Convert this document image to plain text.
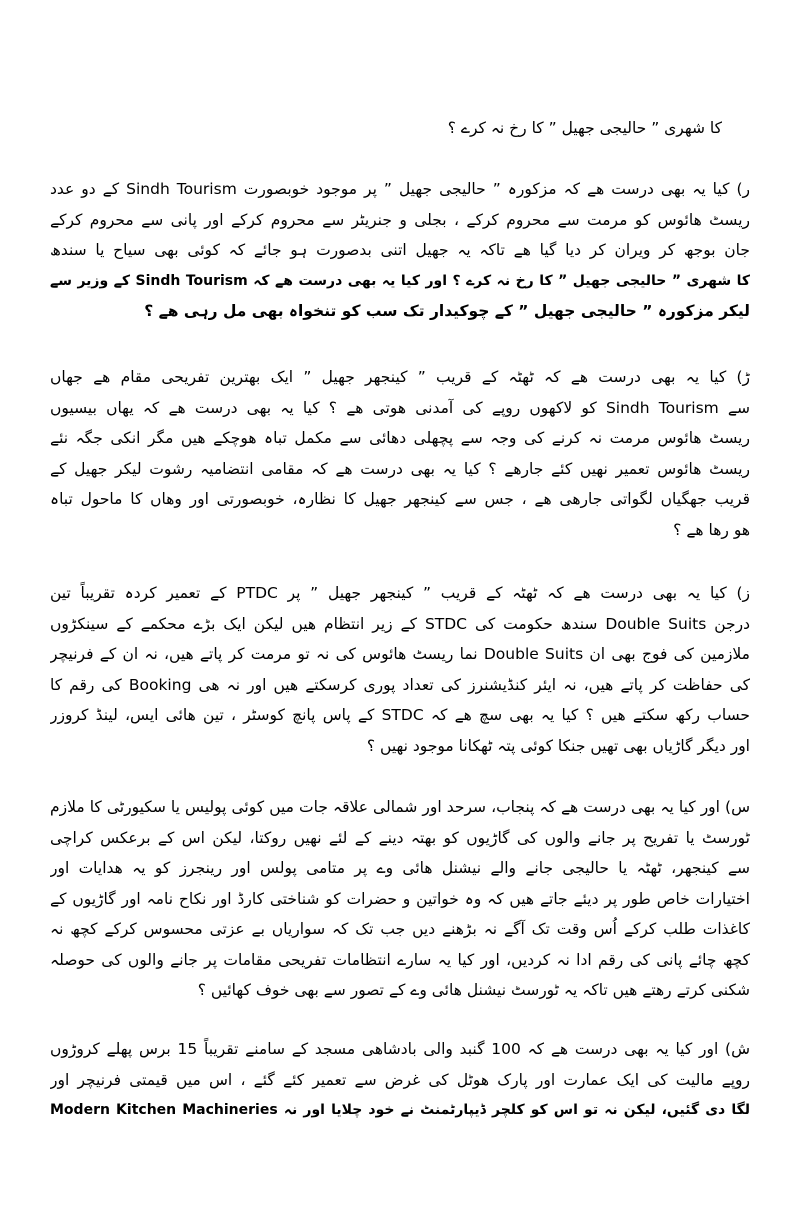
کا شھری ” حالیجی جھیل ” کا رخ نہ کرے ؟
ر) کیا یہ بھی درست ھے کہ مزکورہ ” حالیجی جھیل ” پر موجود خوبصورت Sindh Tourism کے دو عدد
ریسٹ ھائوس کو مرمت سے محروم کرکے ، بجلی و جنریٹر سے محروم کرکے اور پانی سے محروم کرکے
جان بوجھ کر ویران کر دیا گیا ھے تاکہ یہ جھیل اتنی بدصورت ہو جائے کہ کوئی بھی سیاح یا سندھ
کا شھری ” حالیجی جھیل ” کا رخ نہ کرے ؟ اور کیا یہ بھی درست ھے کہ Sindh Tourism کے وزیر سے
لیکر مزکورہ ” حالیجی جھیل ” کے چوکیدار تک سب کو تنخواہ بھی مل رہی ھے ؟
ڑ) کیا یہ بھی درست ھے کہ ٹھٹہ کے قریب ” کینجھر جھیل ” ایک بھترین تفریحی مقام ھے جھاں
سے Sindh Tourism کو لاکھوں روپے کی آمدنی ھوتی ھے ؟ کیا یہ بھی درست ھے کہ یھاں بیسیوں
ریسٹ ھائوس مرمت نہ کرنے کی وجہ سے پچھلی دھائی سے مکمل تباہ ھوچکے ھیں مگر انکی جگہ نئے
ریسٹ ھائوس تعمیر نھیں کئے جارھے ؟ کیا یہ بھی درست ھے کہ مقامی انتضامیہ رشوت لیکر جھیل کے
قریب جھگیاں لگواتی جارھی ھے ، جس سے کینجھر جھیل کا نظارہ، خوبصورتی اور وھاں کا ماحول تباہ
ھو رھا ھے ؟
ز) کیا یہ بھی درست ھے کہ ٹھٹہ کے قریب ” کینجھر جھیل ” پر PTDC کے تعمیر کردہ تقریباً تین
درجن Double Suits سندھ حکومت کی STDC کے زیر انتظام ھیں لیکن ایک بڑے محکمے کے سینکڑوں
ملازمین کی فوج بھی ان Double Suits نما ریسٹ ھائوس کی نہ تو مرمت کر پاتے ھیں، نہ ان کے فرنیچر
کی حفاظت کر پاتے ھیں، نہ ایئر کنڈیشنرز کی تعداد پوری کرسکتے ھیں اور نہ ھی Booking کی رقم کا
حساب رکھ سکتے ھیں ؟ کیا یہ بھی سچ ھے کہ STDC کے پاس پانچ کوسٹر ، تین ھائی ایس، لینڈ کروزر
اور دیگر گاڑیاں بھی تھیں جنکا کوئی پتہ ٹھکانا موجود نھیں ؟
س) اور کیا یہ بھی درست ھے کہ پنجاب، سرحد اور شمالی علاقہ جات میں کوئی پولیس یا سکیورٹی کا ملازم
ٹورسٹ یا تفریح پر جانے والوں کی گاڑیوں کو بھتہ دینے کے لئے نھیں روکتا، لیکن اس کے برعکس کراچی
سے کینجھر، ٹھٹہ یا حالیجی جانے والے نیشنل ھائی وے پر متامی پولس اور رینجرز کو یہ ھدایات اور
اختیارات خاص طور پر دیئے جاتے ھیں کہ وہ خواتین و حضرات کو شناختی کارڈ اور نکاح نامہ اور گاڑیوں کے
کاغذات طلب کرکے اُس وقت تک آگے نہ بڑھنے دیں جب تک کہ سواریاں بے عزتی محسوس کرکے کچھ نہ
کچھ چائے پانی کی رقم ادا نہ کردیں، اور کیا یہ سارے انتظامات تفریحی مقامات پر جانے والوں کی حوصلہ
شکنی کرتے رھتے ھیں تاکہ یہ ٹورسٹ نیشنل ھائی وے کے تصور سے بھی خوف کھائیں ؟
ش) اور کیا یہ بھی درست ھے کہ 100 گنبد والی بادشاھی مسجد کے سامنے تقریباً 15 برس پھلے کروڑوں
روپے مالیت کی ایک عمارت اور پارک ھوٹل کی غرض سے تعمیر کئے گئے ، اس میں قیمتی فرنیچر اور
Modern Kitchen Machineries لگا دی گئیں، لیکن نہ تو اس کو کلچر ڈیپارٹمنٹ نے خود چلایا اور نہ
